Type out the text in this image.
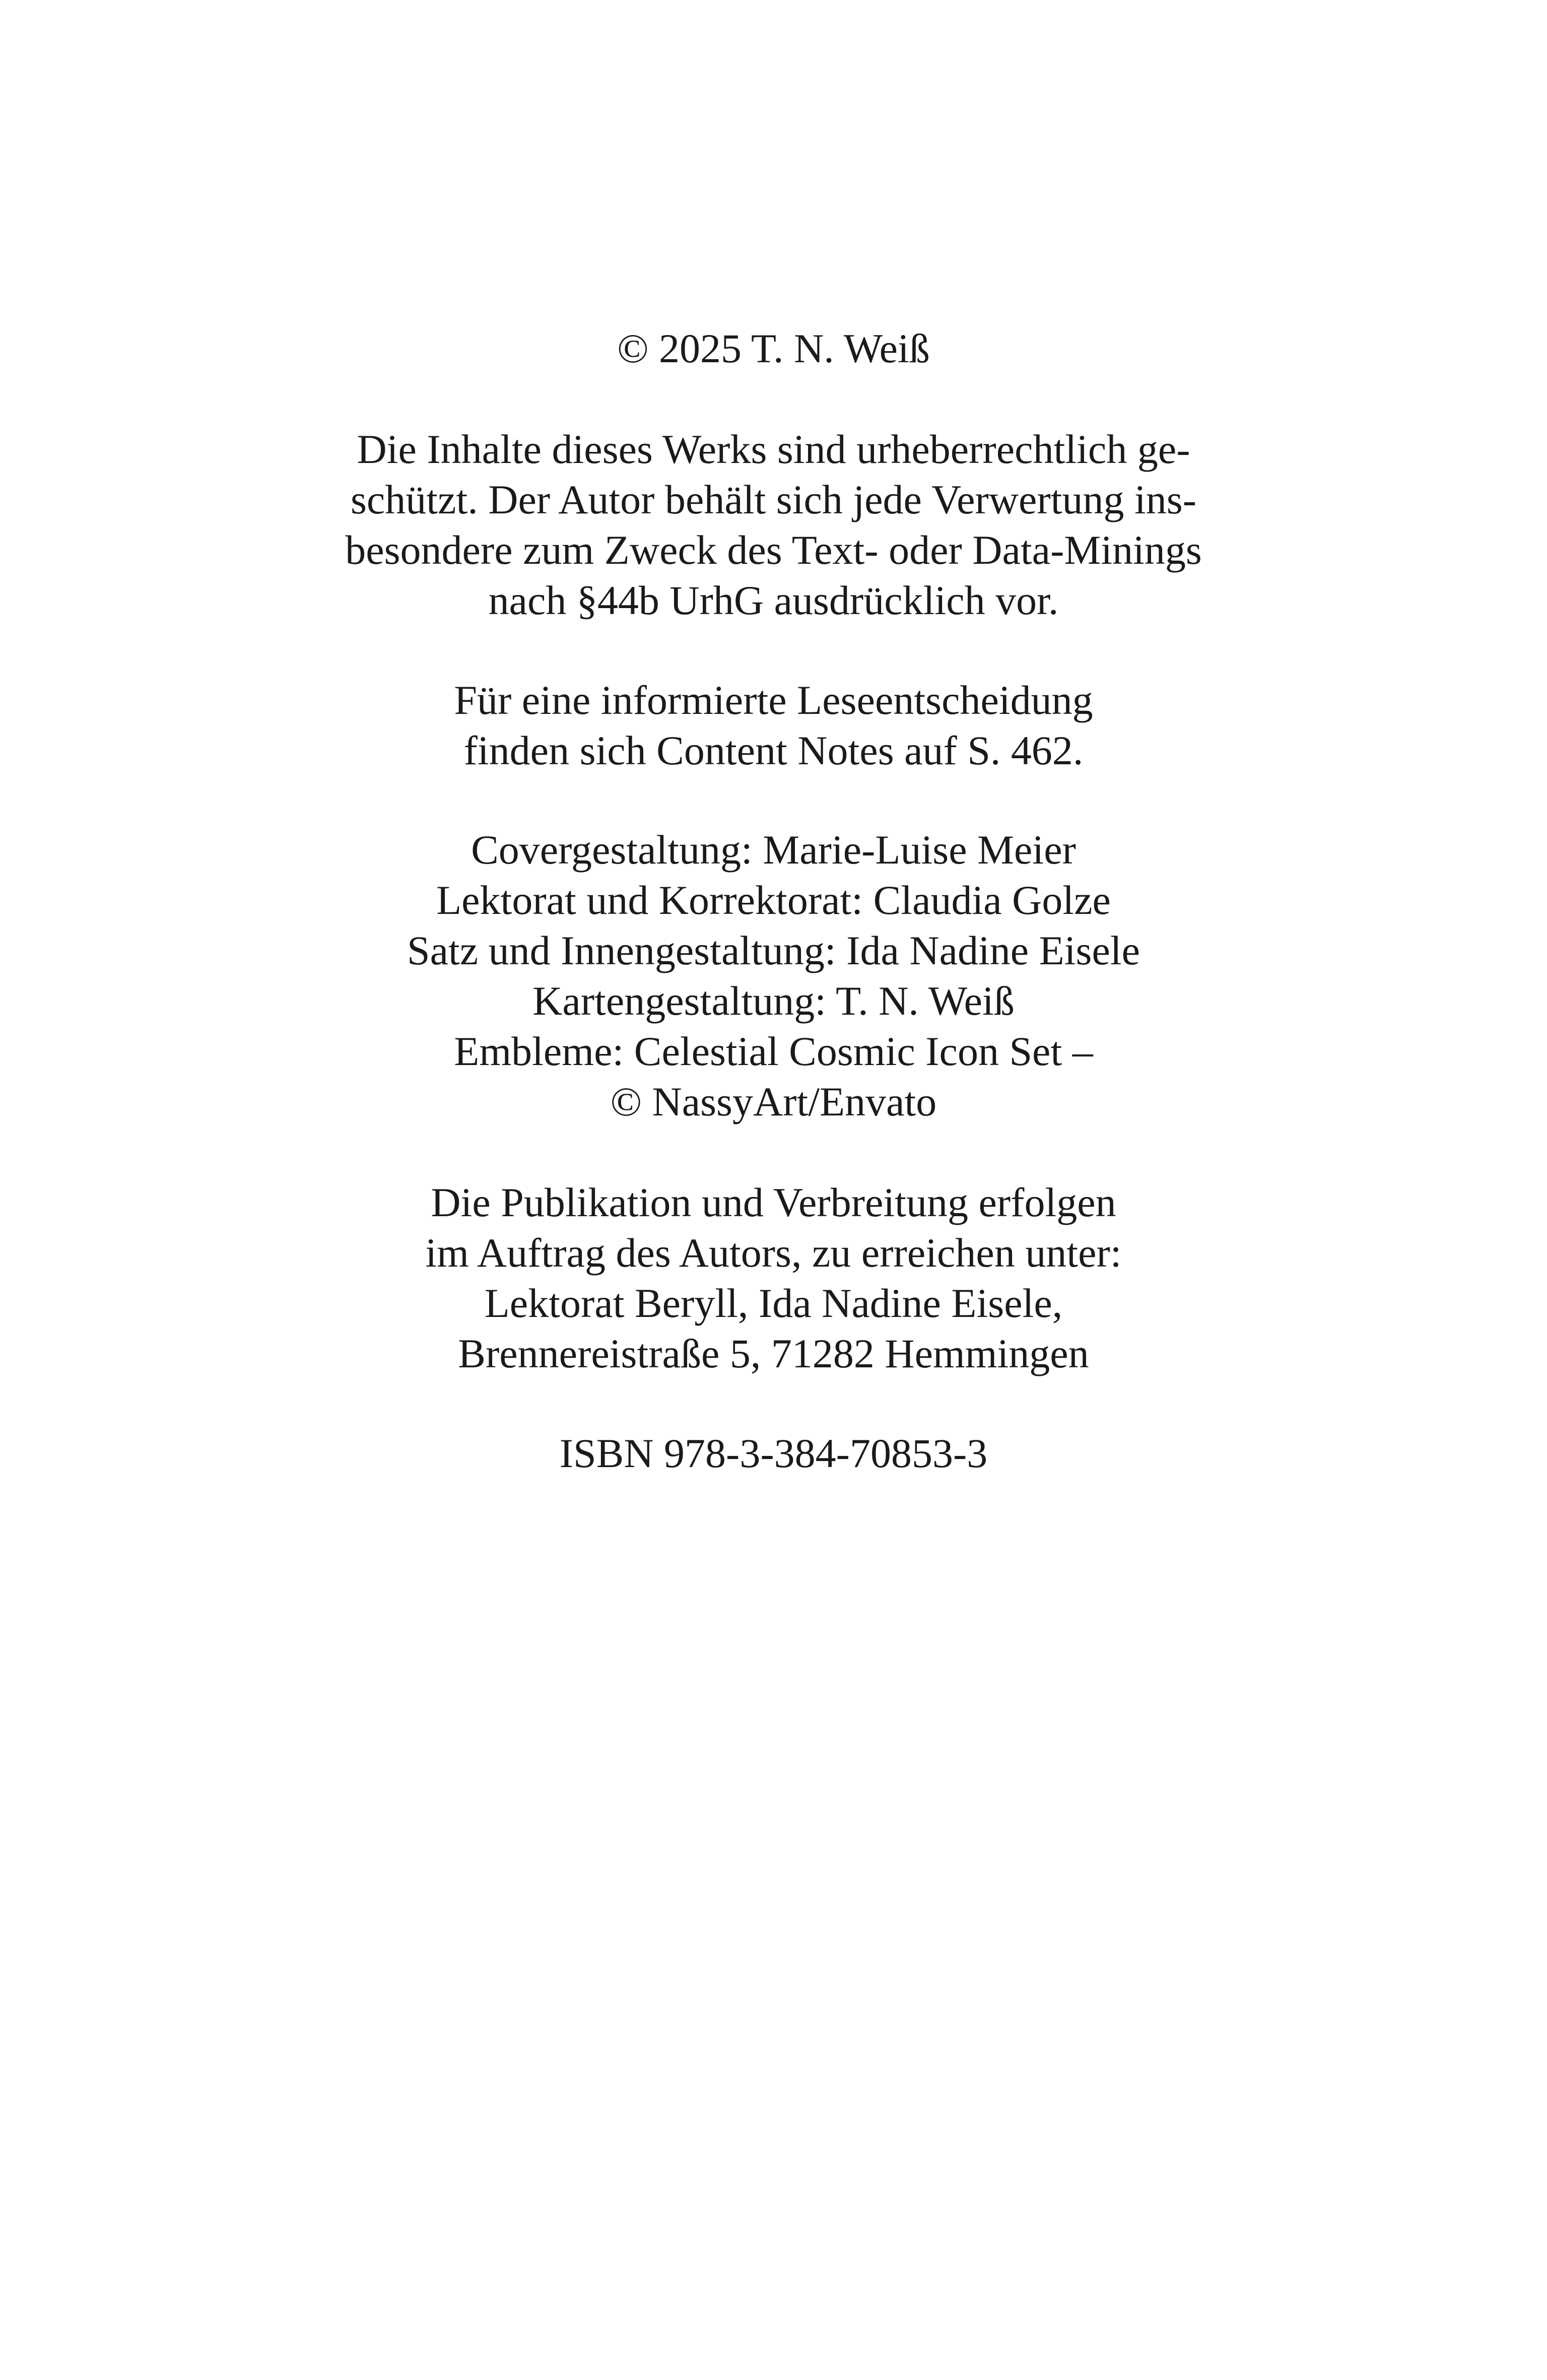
© 2025 T. N. Weiß

Die Inhalte dieses Werks sind urheberrechtlich ge-
schützt. Der Autor behält sich jede Verwertung ins-
besondere zum Zweck des Text- oder Data-Minings
nach §44b UrhG ausdrücklich vor.

Für eine informierte Leseentscheidung
finden sich Content Notes auf S. 462.

Covergestaltung: Marie-Luise Meier
Lektorat und Korrektorat: Claudia Golze
Satz und Innengestaltung: Ida Nadine Eisele
Kartengestaltung: T. N. Weiß
Embleme: Celestial Cosmic Icon Set –
© NassyArt/Envato

Die Publikation und Verbreitung erfolgen
im Auftrag des Autors, zu erreichen unter:
Lektorat Beryll, Ida Nadine Eisele,
Brennereistraße 5, 71282 Hemmingen

ISBN 978-3-384-70853-3
